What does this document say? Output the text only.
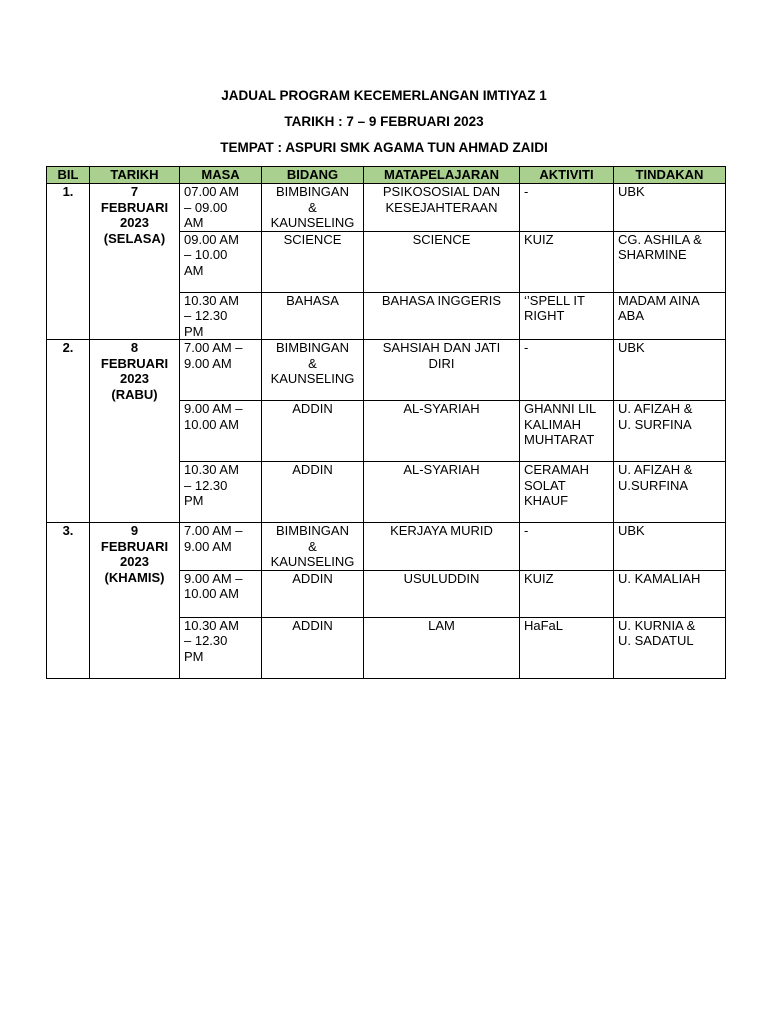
JADUAL PROGRAM KECEMERLANGAN IMTIYAZ 1
TARIKH : 7 – 9 FEBRUARI 2023
TEMPAT : ASPURI SMK AGAMA TUN AHMAD ZAIDI
BIL	TARIKH	MASA	BIDANG	MATAPELAJARAN	AKTIVITI	TINDAKAN
1.	7
FEBRUARI
2023
(SELASA)	07.00 AM
– 09.00
AM	BIMBINGAN
&
KAUNSELING	PSIKOSOSIAL DAN
KESEJAHTERAAN	-	UBK
		09.00 AM
– 10.00
AM	SCIENCE	SCIENCE	KUIZ	CG. ASHILA &
SHARMINE
		10.30 AM
– 12.30
PM	BAHASA	BAHASA INGGERIS	‘’SPELL IT
RIGHT	MADAM AINA
ABA
2.	8
FEBRUARI
2023
(RABU)	7.00 AM –
9.00 AM	BIMBINGAN
&
KAUNSELING	SAHSIAH DAN JATI
DIRI	-	UBK
		9.00 AM –
10.00 AM	ADDIN	AL-SYARIAH	GHANNI LIL
KALIMAH
MUHTARAT	U. AFIZAH &
U. SURFINA
		10.30 AM
– 12.30
PM	ADDIN	AL-SYARIAH	CERAMAH
SOLAT
KHAUF	U. AFIZAH &
U.SURFINA
3.	9
FEBRUARI
2023
(KHAMIS)	7.00 AM –
9.00 AM	BIMBINGAN
&
KAUNSELING	KERJAYA MURID	-	UBK
		9.00 AM –
10.00 AM	ADDIN	USULUDDIN	KUIZ	U. KAMALIAH
		10.30 AM
– 12.30
PM	ADDIN	LAM	HaFaL	U. KURNIA &
U. SADATUL
